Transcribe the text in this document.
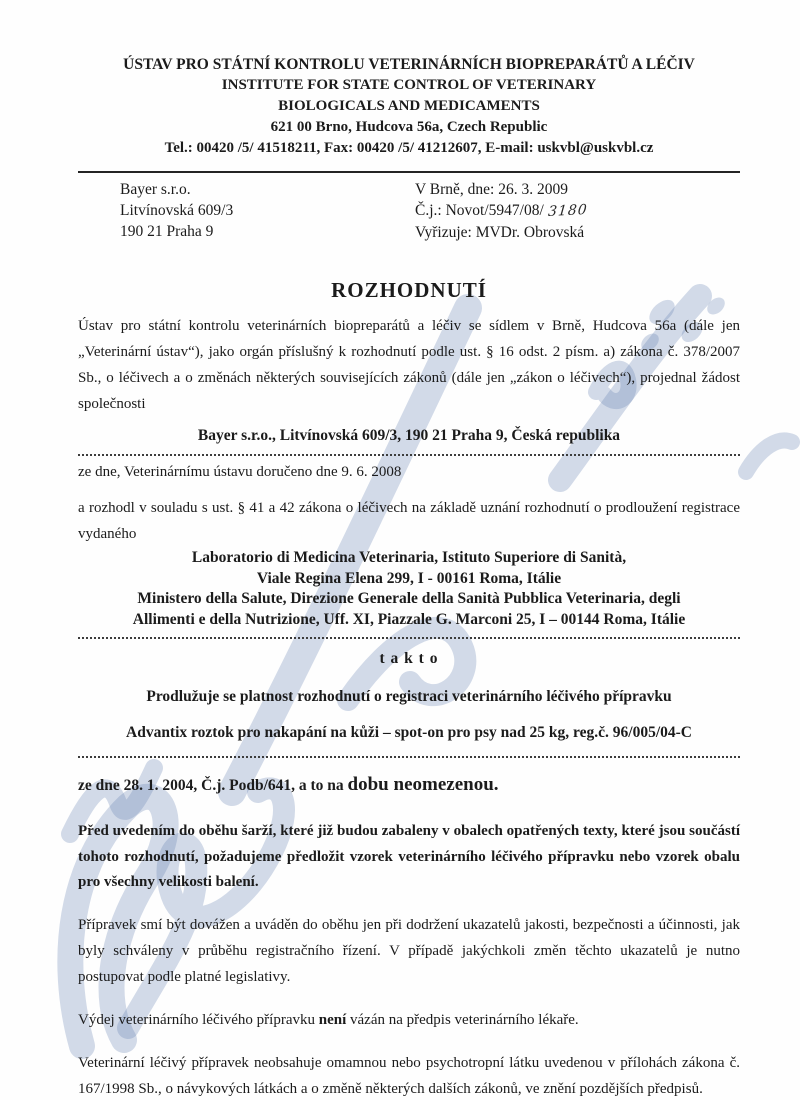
ÚSTAV PRO STÁTNÍ KONTROLU VETERINÁRNÍCH BIOPREPARÁTŮ A LÉČIV
INSTITUTE FOR STATE CONTROL OF VETERINARY
BIOLOGICALS AND MEDICAMENTS
621 00 Brno, Hudcova 56a, Czech Republic
Tel.: 00420 /5/ 41518211, Fax: 00420 /5/ 41212607, E-mail: uskvbl@uskvbl.cz
Bayer s.r.o.
Litvínovská 609/3
190 21 Praha 9
V Brně, dne: 26. 3. 2009
Č.j.: Novot/5947/08/ 3180
Vyřizuje: MVDr. Obrovská
ROZHODNUTÍ

Ústav pro státní kontrolu veterinárních biopreparátů a léčiv se sídlem v Brně, Hudcova 56a (dále jen „Veterinární ústav“), jako orgán příslušný k rozhodnutí podle ust. § 16 odst. 2 písm. a) zákona č. 378/2007 Sb., o léčivech a o změnách některých souvisejících zákonů (dále jen „zákon o léčivech“), projednal žádost společnosti

Bayer s.r.o., Litvínovská 609/3, 190 21 Praha 9, Česká republika
ze dne, Veterinárnímu ústavu doručeno dne 9. 6. 2008

a rozhodl v souladu s ust. § 41 a 42 zákona o léčivech na základě uznání rozhodnutí o prodloužení registrace vydaného

Laboratorio di Medicina Veterinaria, Istituto Superiore di Sanità,
Viale Regina Elena 299, I - 00161 Roma, Itálie
Ministero della Salute, Direzione Generale della Sanità Pubblica Veterinaria, degli
Allimenti e della Nutrizione, Uff. XI, Piazzale G. Marconi 25, I – 00144 Roma, Itálie
t a k t o
Prodlužuje se platnost rozhodnutí o registraci veterinárního léčivého přípravku
Advantix roztok pro nakapání na kůži – spot-on pro psy nad 25 kg, reg.č. 96/005/04-C
ze dne 28. 1. 2004, Č.j. Podb/641, a to na dobu neomezenou.

Před uvedením do oběhu šarží, které již budou zabaleny v obalech opatřených texty, které jsou součástí tohoto rozhodnutí, požadujeme předložit vzorek veterinárního léčivého přípravku nebo vzorek obalu pro všechny velikosti balení.

Přípravek smí být dovážen a uváděn do oběhu jen při dodržení ukazatelů jakosti, bezpečnosti a účinnosti, jak byly schváleny v průběhu registračního řízení. V případě jakýchkoli změn těchto ukazatelů je nutno postupovat podle platné legislativy.

Výdej veterinárního léčivého přípravku není vázán na předpis veterinárního lékaře.

Veterinární léčivý přípravek neobsahuje omamnou nebo psychotropní látku uvedenou v přílohách zákona č. 167/1998 Sb., o návykových látkách a o změně některých dalších zákonů, ve znění pozdějších předpisů.
